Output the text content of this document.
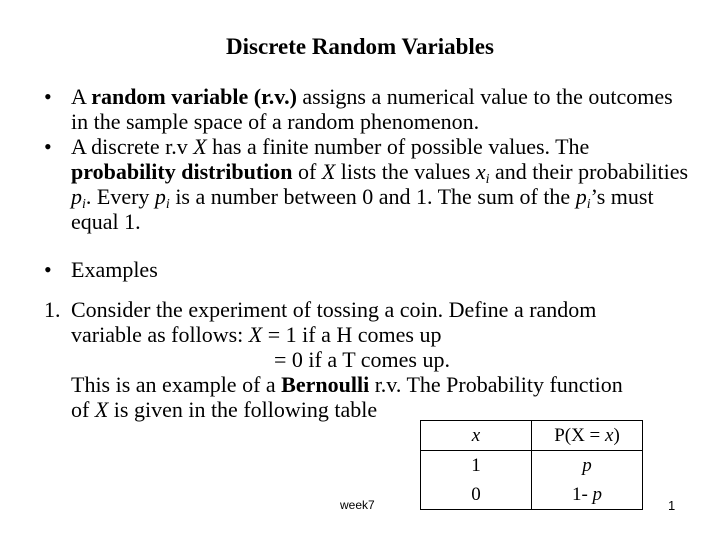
Discrete Random Variables
• A random variable (r.v.) assigns a numerical value to the outcomes in the sample space of a random phenomenon.
• A discrete r.v X has a finite number of possible values. The probability distribution of X lists the values $x_i$ and their probabilities $p_i$. Every $p_i$ is a number between 0 and 1. The sum of the $p_i’s$ must equal 1.
• Examples
1. Consider the experiment of tossing a coin. Define a random
variable as follows: X = 1 if a H comes up
= 0 if a T comes up.
This is an example of a Bernoulli r.v. The Probability function
of X is given in the following table
x	P(X = x)
1	p
0	1- p
week7	1
